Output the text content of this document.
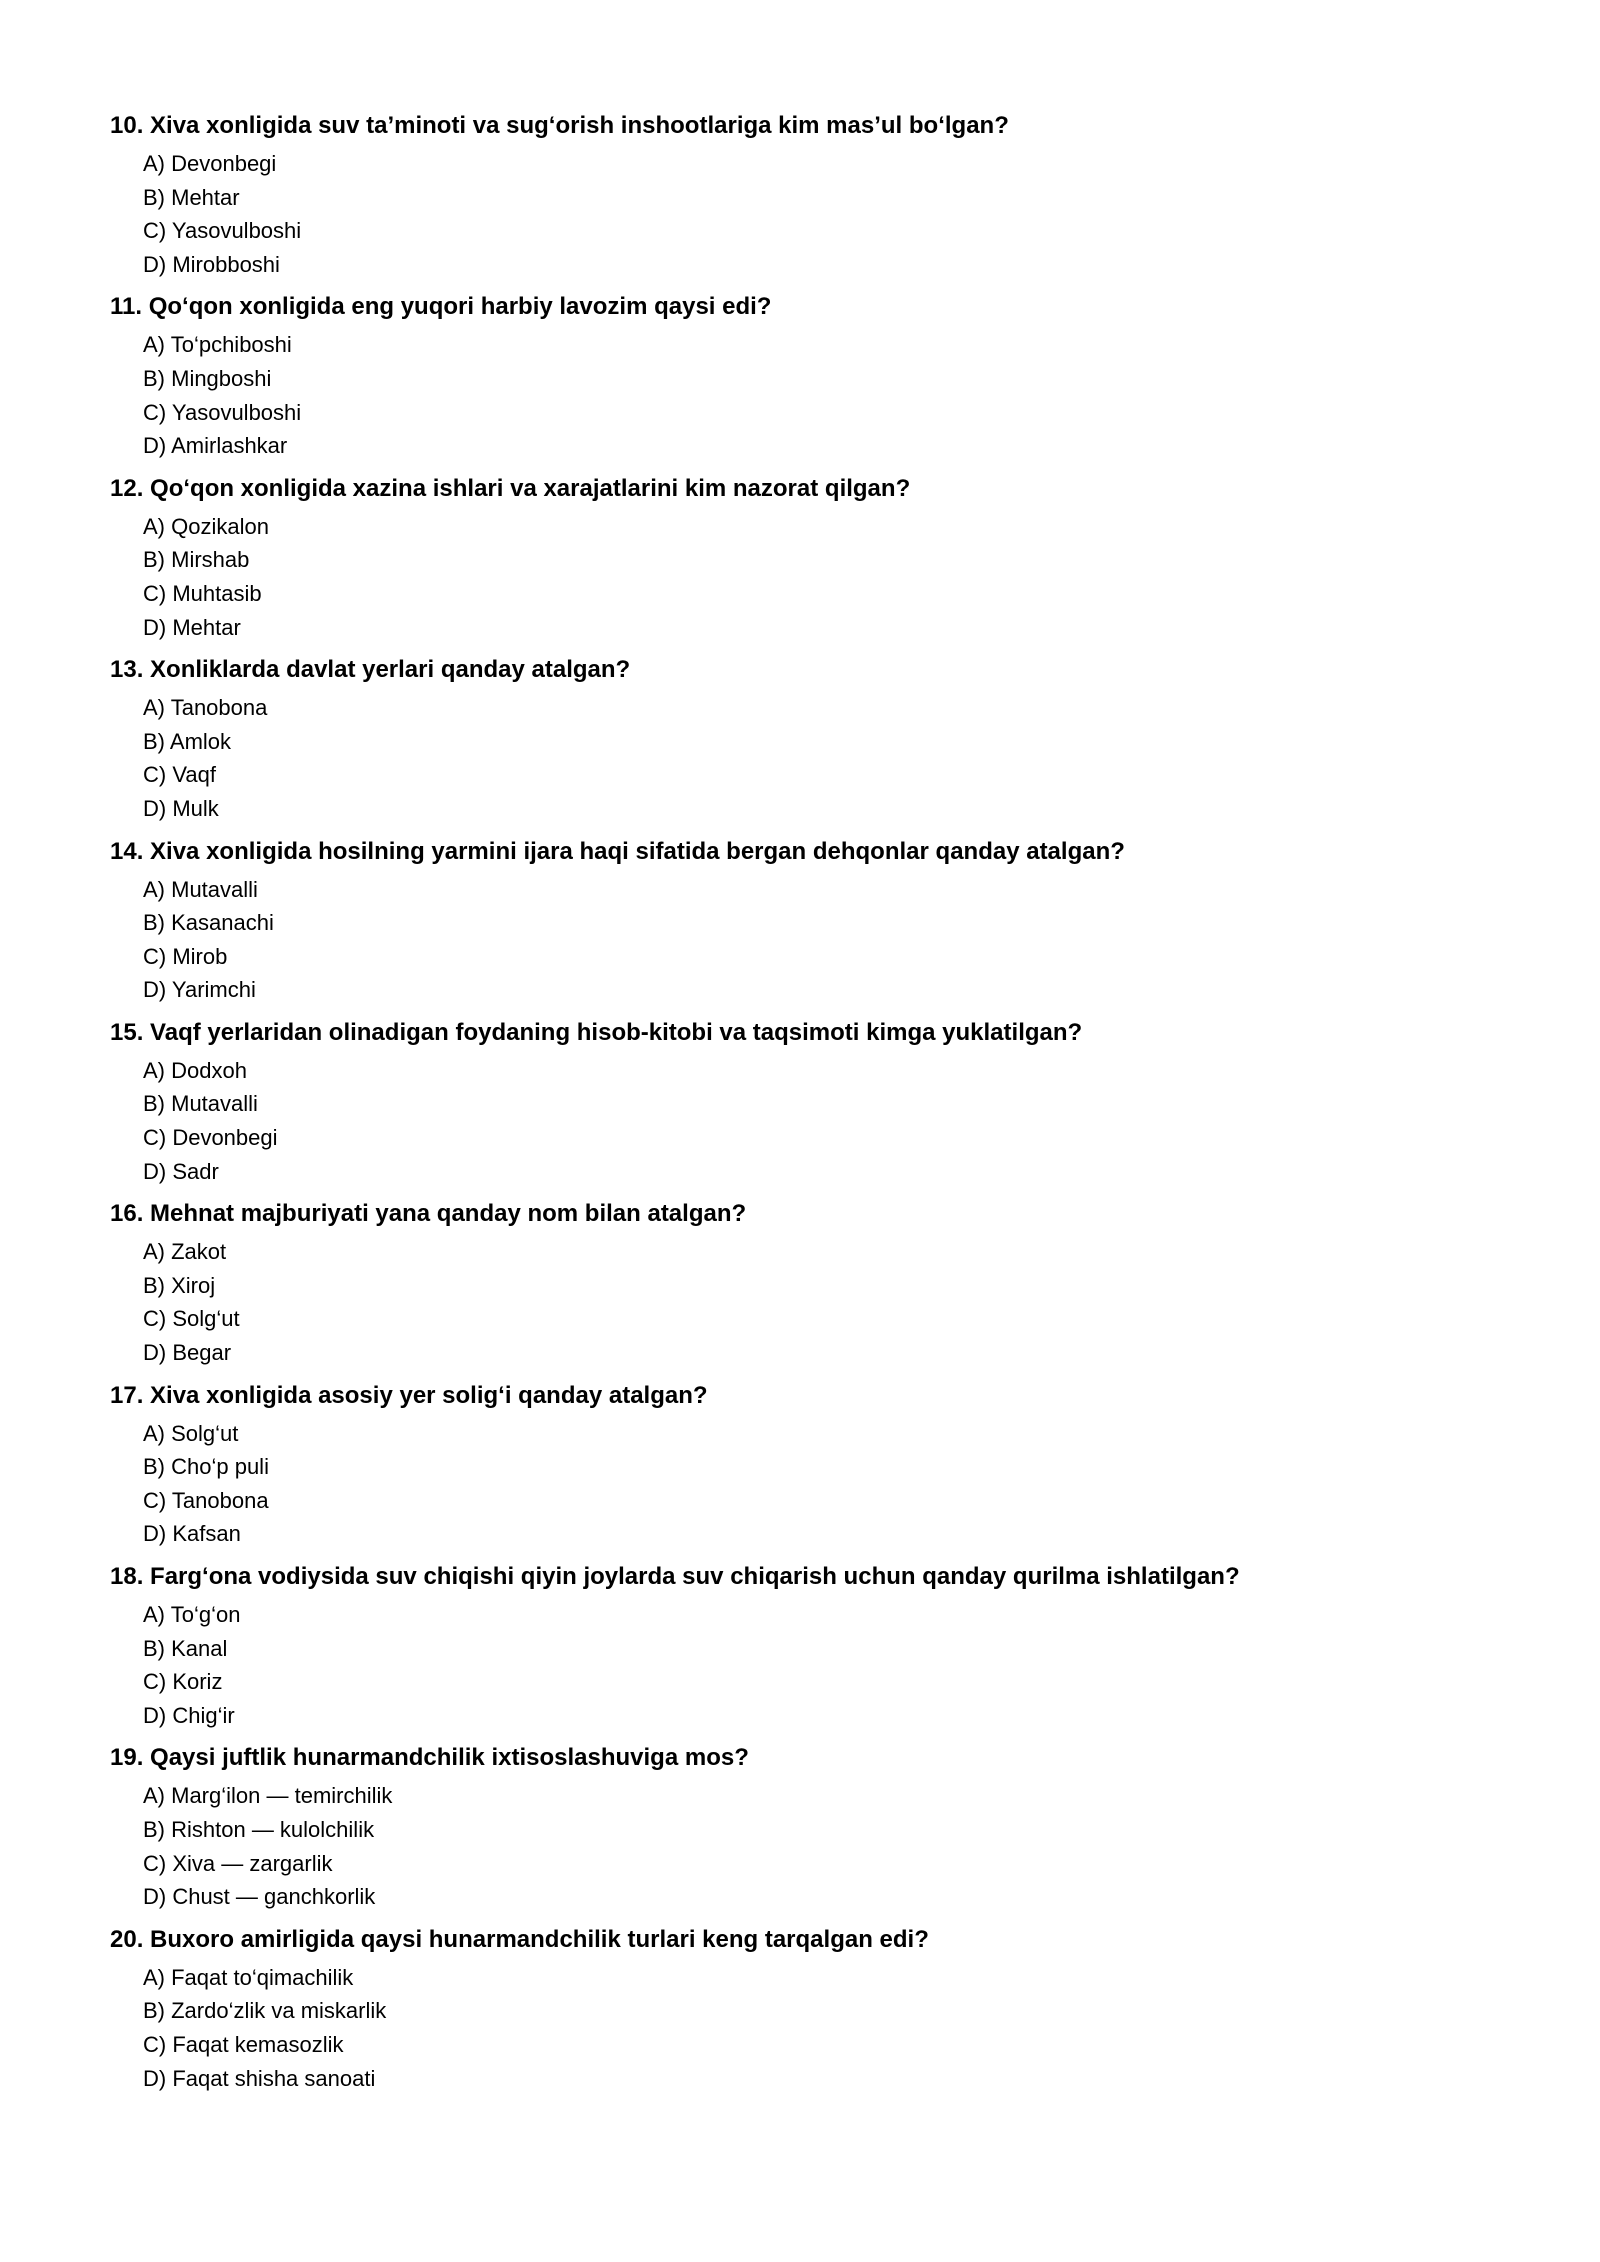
10. Xiva xonligida suv ta’minoti va sug‘orish inshootlariga kim mas’ul bo‘lgan?

A) Devonbegi
B) Mehtar
C) Yasovulboshi
D) Mirobboshi

11. Qo‘qon xonligida eng yuqori harbiy lavozim qaysi edi?

A) To‘pchiboshi
B) Mingboshi
C) Yasovulboshi
D) Amirlashkar

12. Qo‘qon xonligida xazina ishlari va xarajatlarini kim nazorat qilgan?

A) Qozikalon
B) Mirshab
C) Muhtasib
D) Mehtar

13. Xonliklarda davlat yerlari qanday atalgan?

A) Tanobona
B) Amlok
C) Vaqf
D) Mulk

14. Xiva xonligida hosilning yarmini ijara haqi sifatida bergan dehqonlar qanday atalgan?

A) Mutavalli
B) Kasanachi
C) Mirob
D) Yarimchi

15. Vaqf yerlaridan olinadigan foydaning hisob-kitobi va taqsimoti kimga yuklatilgan?

A) Dodxoh
B) Mutavalli
C) Devonbegi
D) Sadr

16. Mehnat majburiyati yana qanday nom bilan atalgan?

A) Zakot
B) Xiroj
C) Solg‘ut
D) Begar

17. Xiva xonligida asosiy yer solig‘i qanday atalgan?

A) Solg‘ut
B) Cho‘p puli
C) Tanobona
D) Kafsan

18. Farg‘ona vodiysida suv chiqishi qiyin joylarda suv chiqarish uchun qanday qurilma ishlatilgan?

A) To‘g‘on
B) Kanal
C) Koriz
D) Chig‘ir

19. Qaysi juftlik hunarmandchilik ixtisoslashuviga mos?

A) Marg‘ilon — temirchilik
B) Rishton — kulolchilik
C) Xiva — zargarlik
D) Chust — ganchkorlik

20. Buxoro amirligida qaysi hunarmandchilik turlari keng tarqalgan edi?

A) Faqat to‘qimachilik
B) Zardo‘zlik va miskarlik
C) Faqat kemasozlik
D) Faqat shisha sanoati
